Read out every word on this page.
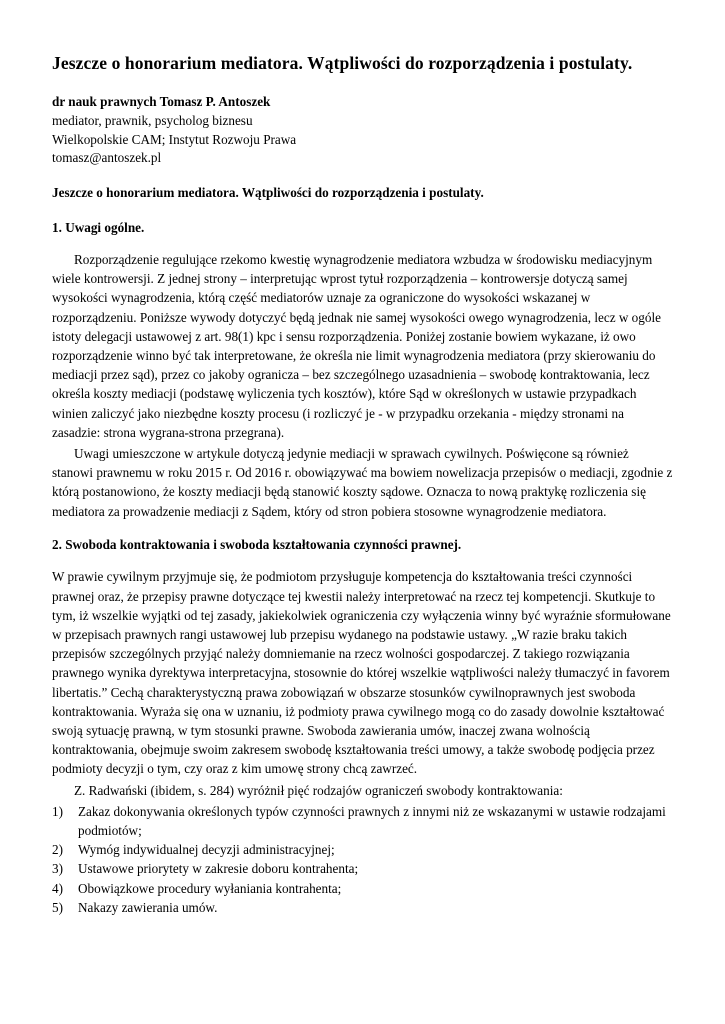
Jeszcze o honorarium mediatora. Wątpliwości do rozporządzenia i postulaty.
dr nauk prawnych Tomasz P. Antoszek
mediator, prawnik, psycholog biznesu
Wielkopolskie CAM; Instytut Rozwoju Prawa
tomasz@antoszek.pl

Jeszcze o honorarium mediatora. Wątpliwości do rozporządzenia i postulaty.

1. Uwagi ogólne.

Rozporządzenie regulujące rzekomo kwestię wynagrodzenie mediatora wzbudza w środowisku mediacyjnym wiele kontrowersji. Z jednej strony – interpretując wprost tytuł rozporządzenia – kontrowersje dotyczą samej wysokości wynagrodzenia, którą część mediatorów uznaje za ograniczone do wysokości wskazanej w rozporządzeniu. Poniższe wywody dotyczyć będą jednak nie samej wysokości owego wynagrodzenia, lecz w ogóle istoty delegacji ustawowej z art. 98(1) kpc i sensu rozporządzenia. Poniżej zostanie bowiem wykazane, iż owo rozporządzenie winno być tak interpretowane, że określa nie limit wynagrodzenia mediatora (przy skierowaniu do mediacji przez sąd), przez co jakoby ogranicza – bez szczególnego uzasadnienia – swobodę kontraktowania, lecz określa koszty mediacji (podstawę wyliczenia tych kosztów), które Sąd w określonych w ustawie przypadkach winien zaliczyć jako niezbędne koszty procesu (i rozliczyć je - w przypadku orzekania - między stronami na zasadzie: strona wygrana-strona przegrana).

Uwagi umieszczone w artykule dotyczą jedynie mediacji w sprawach cywilnych. Poświęcone są również stanowi prawnemu w roku 2015 r. Od 2016 r. obowiązywać ma bowiem nowelizacja przepisów o mediacji, zgodnie z którą postanowiono, że koszty mediacji będą stanowić koszty sądowe. Oznacza to nową praktykę rozliczenia się mediatora za prowadzenie mediacji z Sądem, który od stron pobiera stosowne wynagrodzenie mediatora.

2. Swoboda kontraktowania i swoboda kształtowania czynności prawnej.

W prawie cywilnym przyjmuje się, że podmiotom przysługuje kompetencja do kształtowania treści czynności prawnej oraz, że przepisy prawne dotyczące tej kwestii należy interpretować na rzecz tej kompetencji. Skutkuje to tym, iż wszelkie wyjątki od tej zasady, jakiekolwiek ograniczenia czy wyłączenia winny być wyraźnie sformułowane w przepisach prawnych rangi ustawowej lub przepisu wydanego na podstawie ustawy. „W razie braku takich przepisów szczególnych przyjąć należy domniemanie na rzecz wolności gospodarczej. Z takiego rozwiązania prawnego wynika dyrektywa interpretacyjna, stosownie do której wszelkie wątpliwości należy tłumaczyć in favorem libertatis.” Cechą charakterystyczną prawa zobowiązań w obszarze stosunków cywilnoprawnych jest swoboda kontraktowania. Wyraża się ona w uznaniu, iż podmioty prawa cywilnego mogą co do zasady dowolnie kształtować swoją sytuację prawną, w tym stosunki prawne. Swoboda zawierania umów, inaczej zwana wolnością kontraktowania, obejmuje swoim zakresem swobodę kształtowania treści umowy, a także swobodę podjęcia przez podmioty decyzji o tym, czy oraz z kim umowę strony chcą zawrzeć.

Z. Radwański (ibidem, s. 284) wyróżnił pięć rodzajów ograniczeń swobody kontraktowania:

1)	Zakaz dokonywania określonych typów czynności prawnych z innymi niż ze wskazanymi w ustawie rodzajami podmiotów;
2)	Wymóg indywidualnej decyzji administracyjnej;
3)	Ustawowe priorytety w zakresie doboru kontrahenta;
4)	Obowiązkowe procedury wyłaniania kontrahenta;
5)	Nakazy zawierania umów.
